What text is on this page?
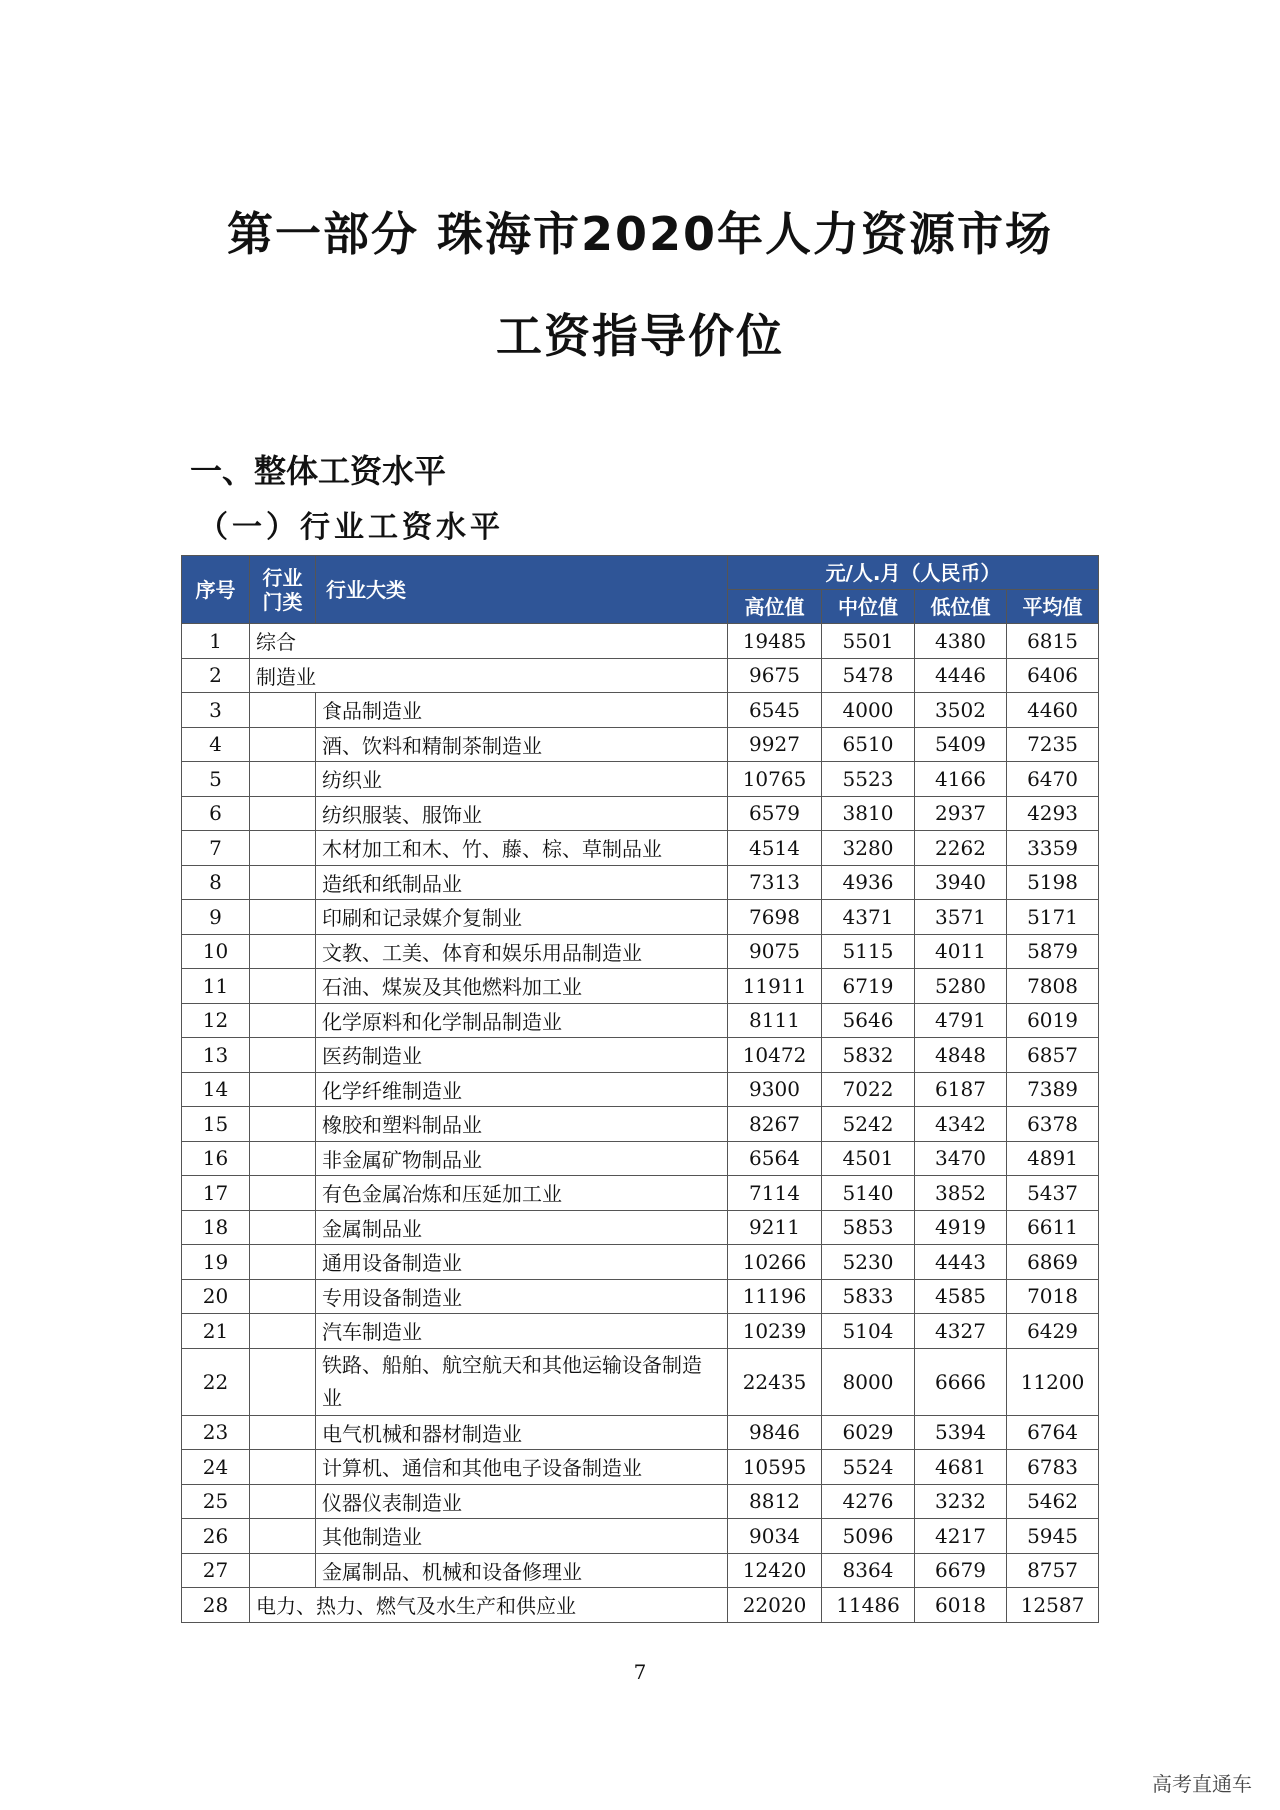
第一部分 珠海市2020年人力资源市场
工资指导价位
一、整体工资水平
（一）行业工资水平
序号	行业
门类	行业大类	元/人.月（人民币）			
			高位值	中位值	低位值	平均值
1	综合		19485	5501	4380	6815
2	制造业		9675	5478	4446	6406
3		食品制造业	6545	4000	3502	4460
4		酒、饮料和精制茶制造业	9927	6510	5409	7235
5		纺织业	10765	5523	4166	6470
6		纺织服装、服饰业	6579	3810	2937	4293
7		木材加工和木、竹、藤、棕、草制品业	4514	3280	2262	3359
8		造纸和纸制品业	7313	4936	3940	5198
9		印刷和记录媒介复制业	7698	4371	3571	5171
10		文教、工美、体育和娱乐用品制造业	9075	5115	4011	5879
11		石油、煤炭及其他燃料加工业	11911	6719	5280	7808
12		化学原料和化学制品制造业	8111	5646	4791	6019
13		医药制造业	10472	5832	4848	6857
14		化学纤维制造业	9300	7022	6187	7389
15		橡胶和塑料制品业	8267	5242	4342	6378
16		非金属矿物制品业	6564	4501	3470	4891
17		有色金属冶炼和压延加工业	7114	5140	3852	5437
18		金属制品业	9211	5853	4919	6611
19		通用设备制造业	10266	5230	4443	6869
20		专用设备制造业	11196	5833	4585	7018
21		汽车制造业	10239	5104	4327	6429
22		铁路、船舶、航空航天和其他运输设备制造业	22435	8000	6666	11200
23		电气机械和器材制造业	9846	6029	5394	6764
24		计算机、通信和其他电子设备制造业	10595	5524	4681	6783
25		仪器仪表制造业	8812	4276	3232	5462
26		其他制造业	9034	5096	4217	5945
27		金属制品、机械和设备修理业	12420	8364	6679	8757
28	电力、热力、燃气及水生产和供应业		22020	11486	6018	12587
7
高考直通车
